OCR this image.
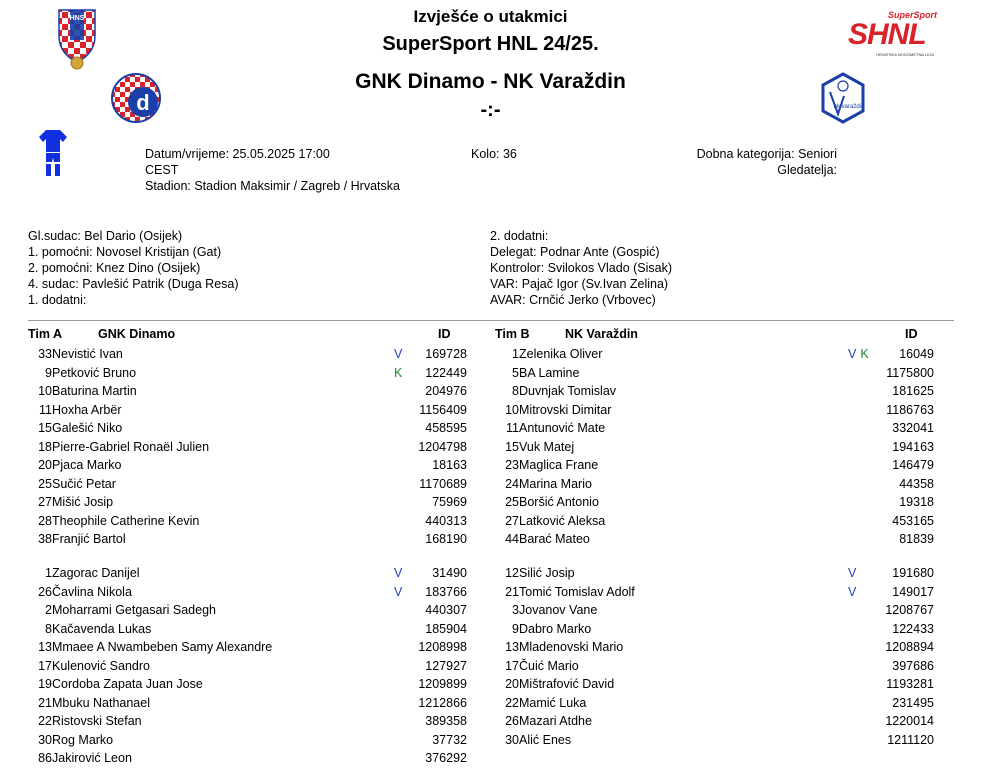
Izvješće o utakmici
SuperSport HNL 24/25.
GNK Dinamo - NK Varaždin
-:-
HNS
d
SuperSport
SHNL
HRVATSKA NOGOMETNA LIGA
nk varaždin
Datum/vrijeme: 25.05.2025 17:00
CEST
Stadion: Stadion Maksimir / Zagreb / Hrvatska
Kolo: 36	Dobna kategorija: Seniori
Gledatelja:
Gl.sudac: Bel Dario (Osijek)
1. pomoćni: Novosel Kristijan (Gat)
2. pomoćni: Knez Dino (Osijek)
4. sudac: Pavlešić Patrik (Duga Resa)
1. dodatni:
2. dodatni:
Delegat: Podnar Ante (Gospić)
Kontrolor: Svilokos Vlado (Sisak)
VAR: Pajač Igor (Sv.Ivan Zelina)
AVAR: Crnčić Jerko (Vrbovec)
Tim A	GNK Dinamo	ID	Tim B	NK Varaždin	ID
33Nevistić Ivan	V 169728
9Petković Bruno	K 122449
10Baturina Martin	204976
11Hoxha Arbër	1156409
15Galešić Niko	458595
18Pierre-Gabriel Ronaël Julien	1204798
20Pjaca Marko	18163
25Sučić Petar	1170689
27Mišić Josip	75969
28Theophile Catherine Kevin	440313
38Franjić Bartol	168190
1Zagorac Danijel	V 31490
26Čavlina Nikola	V 183766
2Moharrami Getgasari Sadegh	440307
8Kačavenda Lukas	185904
13Mmaee A Nwambeben Samy Alexandre	1208998
17Kulenović Sandro	127927
19Cordoba Zapata Juan Jose	1209899
21Mbuku Nathanael	1212866
22Ristovski Stefan	389358
30Rog Marko	37732
86Jakirović Leon	376292
1Zelenika Oliver	V K 16049
5BA Lamine	1175800
8Duvnjak Tomislav	181625
10Mitrovski Dimitar	1186763
11Antunović Mate	332041
15Vuk Matej	194163
23Maglica Frane	146479
24Marina Mario	44358
25Boršić Antonio	19318
27Latković Aleksa	453165
44Barać Mateo	81839
12Silić Josip	V	191680
21Tomić Tomislav Adolf	V	149017
3Jovanov Vane	1208767
9Dabro Marko	122433
13Mladenovski Mario	1208894
17Čuić Mario	397686
20Mištrafović David	1193281
22Mamić Luka	231495
26Mazari Atdhe	1220014
30Alić Enes	1211120
